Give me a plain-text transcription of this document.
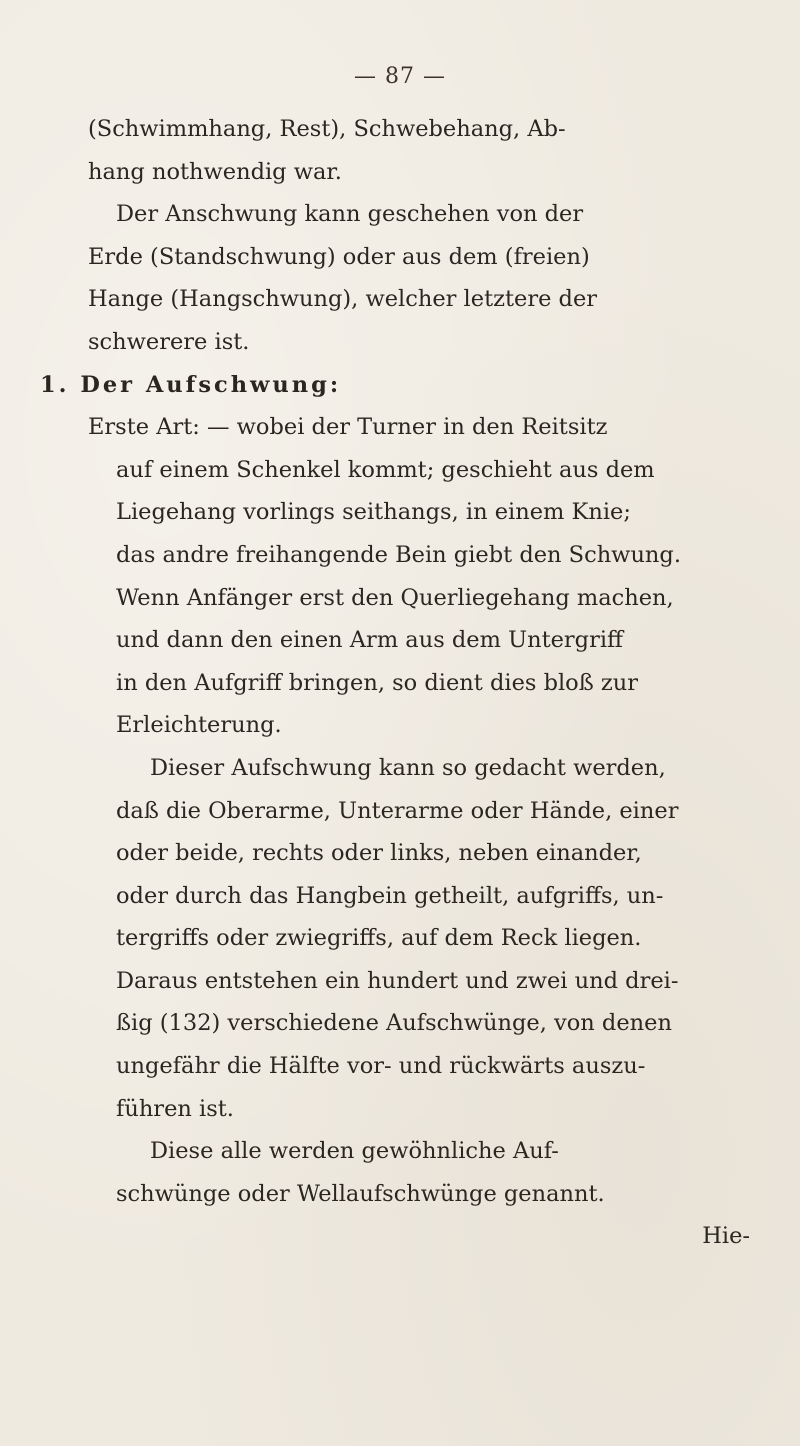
— 87 —
(Schwimmhang, Rest), Schwebehang, Ab-
hang nothwendig war.
Der Anschwung kann geschehen von der
Erde (Standschwung) oder aus dem (freien)
Hange (Hangschwung), welcher letztere der
schwerere ist.
1. Der Aufschwung:
Erste Art: — wobei der Turner in den Reitsitz
auf einem Schenkel kommt; geschieht aus dem
Liegehang vorlings seithangs, in einem Knie;
das andre freihangende Bein giebt den Schwung.
Wenn Anfänger erst den Querliegehang machen,
und dann den einen Arm aus dem Untergriff
in den Aufgriff bringen, so dient dies bloß zur
Erleichterung.
Dieser Aufschwung kann so gedacht werden,
daß die Oberarme, Unterarme oder Hände, einer
oder beide, rechts oder links, neben einander,
oder durch das Hangbein getheilt, aufgriffs, un-
tergriffs oder zwiegriffs, auf dem Reck liegen.
Daraus entstehen ein hundert und zwei und drei-
ßig (132) verschiedene Aufschwünge, von denen
ungefähr die Hälfte vor- und rückwärts auszu-
führen ist.
Diese alle werden gewöhnliche Auf-
schwünge oder Wellaufschwünge genannt.
Hie-
